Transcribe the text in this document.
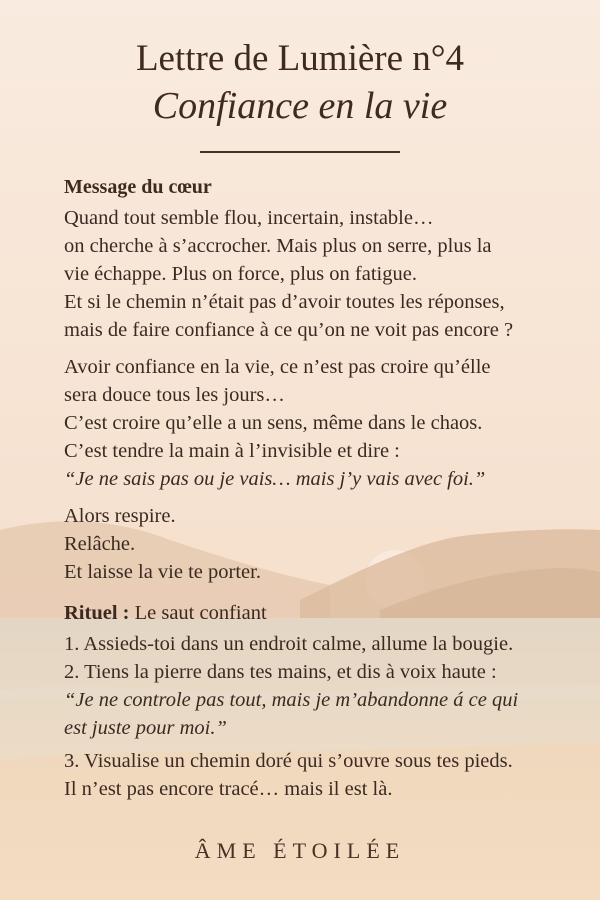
Lettre de Lumière n°4
Confiance en la vie
Message du cœur
Quand tout semble flou, incertain, instable…
on cherche à s’accrocher. Mais plus on serre, plus la
vie échappe. Plus on force, plus on fatigue.
Et si le chemin n’était pas d’avoir toutes les réponses,
mais de faire confiance à ce qu’on ne voit pas encore ?
Avoir confiance en la vie, ce n’est pas croire qu’élle
sera douce tous les jours…
C’est croire qu’elle a un sens, même dans le chaos.
C’est tendre la main à l’invisible et dire :
“Je ne sais pas ou je vais… mais j’y vais avec foi.”
Alors respire.
Relâche.
Et laisse la vie te porter.
Rituel : Le saut confiant
1. Assieds-toi dans un endroit calme, allume la bougie.
2. Tiens la pierre dans tes mains, et dis à voix haute :
“Je ne controle pas tout, mais je m’abandonne á ce qui
est juste pour moi.”
3. Visualise un chemin doré qui s’ouvre sous tes pieds.
Il n’est pas encore tracé… mais il est là.
ÂME ÉTOILÉE
